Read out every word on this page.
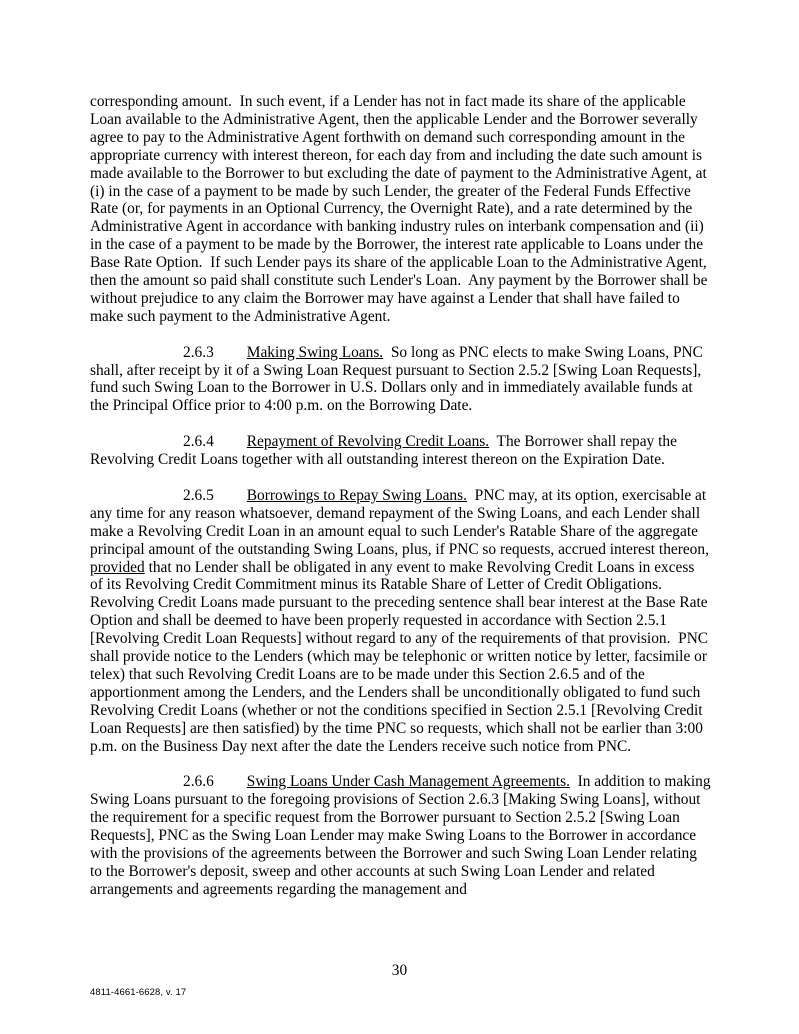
corresponding amount.  In such event, if a Lender has not in fact made its share of the applicable Loan available to the Administrative Agent, then the applicable Lender and the Borrower severally agree to pay to the Administrative Agent forthwith on demand such corresponding amount in the appropriate currency with interest thereon, for each day from and including the date such amount is made available to the Borrower to but excluding the date of payment to the Administrative Agent, at (i) in the case of a payment to be made by such Lender, the greater of the Federal Funds Effective Rate (or, for payments in an Optional Currency, the Overnight Rate), and a rate determined by the Administrative Agent in accordance with banking industry rules on interbank compensation and (ii) in the case of a payment to be made by the Borrower, the interest rate applicable to Loans under the Base Rate Option.  If such Lender pays its share of the applicable Loan to the Administrative Agent, then the amount so paid shall constitute such Lender's Loan.  Any payment by the Borrower shall be without prejudice to any claim the Borrower may have against a Lender that shall have failed to make such payment to the Administrative Agent.

2.6.3 Making Swing Loans.  So long as PNC elects to make Swing Loans, PNC shall, after receipt by it of a Swing Loan Request pursuant to Section 2.5.2 [Swing Loan Requests], fund such Swing Loan to the Borrower in U.S. Dollars only and in immediately available funds at the Principal Office prior to 4:00 p.m. on the Borrowing Date.

2.6.4 Repayment of Revolving Credit Loans.  The Borrower shall repay the Revolving Credit Loans together with all outstanding interest thereon on the Expiration Date.

2.6.5 Borrowings to Repay Swing Loans.  PNC may, at its option, exercisable at any time for any reason whatsoever, demand repayment of the Swing Loans, and each Lender shall make a Revolving Credit Loan in an amount equal to such Lender's Ratable Share of the aggregate principal amount of the outstanding Swing Loans, plus, if PNC so requests, accrued interest thereon, provided that no Lender shall be obligated in any event to make Revolving Credit Loans in excess of its Revolving Credit Commitment minus its Ratable Share of Letter of Credit Obligations.  Revolving Credit Loans made pursuant to the preceding sentence shall bear interest at the Base Rate Option and shall be deemed to have been properly requested in accordance with Section 2.5.1 [Revolving Credit Loan Requests] without regard to any of the requirements of that provision.  PNC shall provide notice to the Lenders (which may be telephonic or written notice by letter, facsimile or telex) that such Revolving Credit Loans are to be made under this Section 2.6.5 and of the apportionment among the Lenders, and the Lenders shall be unconditionally obligated to fund such Revolving Credit Loans (whether or not the conditions specified in Section 2.5.1 [Revolving Credit Loan Requests] are then satisfied) by the time PNC so requests, which shall not be earlier than 3:00 p.m. on the Business Day next after the date the Lenders receive such notice from PNC.

2.6.6 Swing Loans Under Cash Management Agreements.  In addition to making Swing Loans pursuant to the foregoing provisions of Section 2.6.3 [Making Swing Loans], without the requirement for a specific request from the Borrower pursuant to Section 2.5.2 [Swing Loan Requests], PNC as the Swing Loan Lender may make Swing Loans to the Borrower in accordance with the provisions of the agreements between the Borrower and such Swing Loan Lender relating to the Borrower's deposit, sweep and other accounts at such Swing Loan Lender and related arrangements and agreements regarding the management and

30
4811-4661-6628, v. 17
